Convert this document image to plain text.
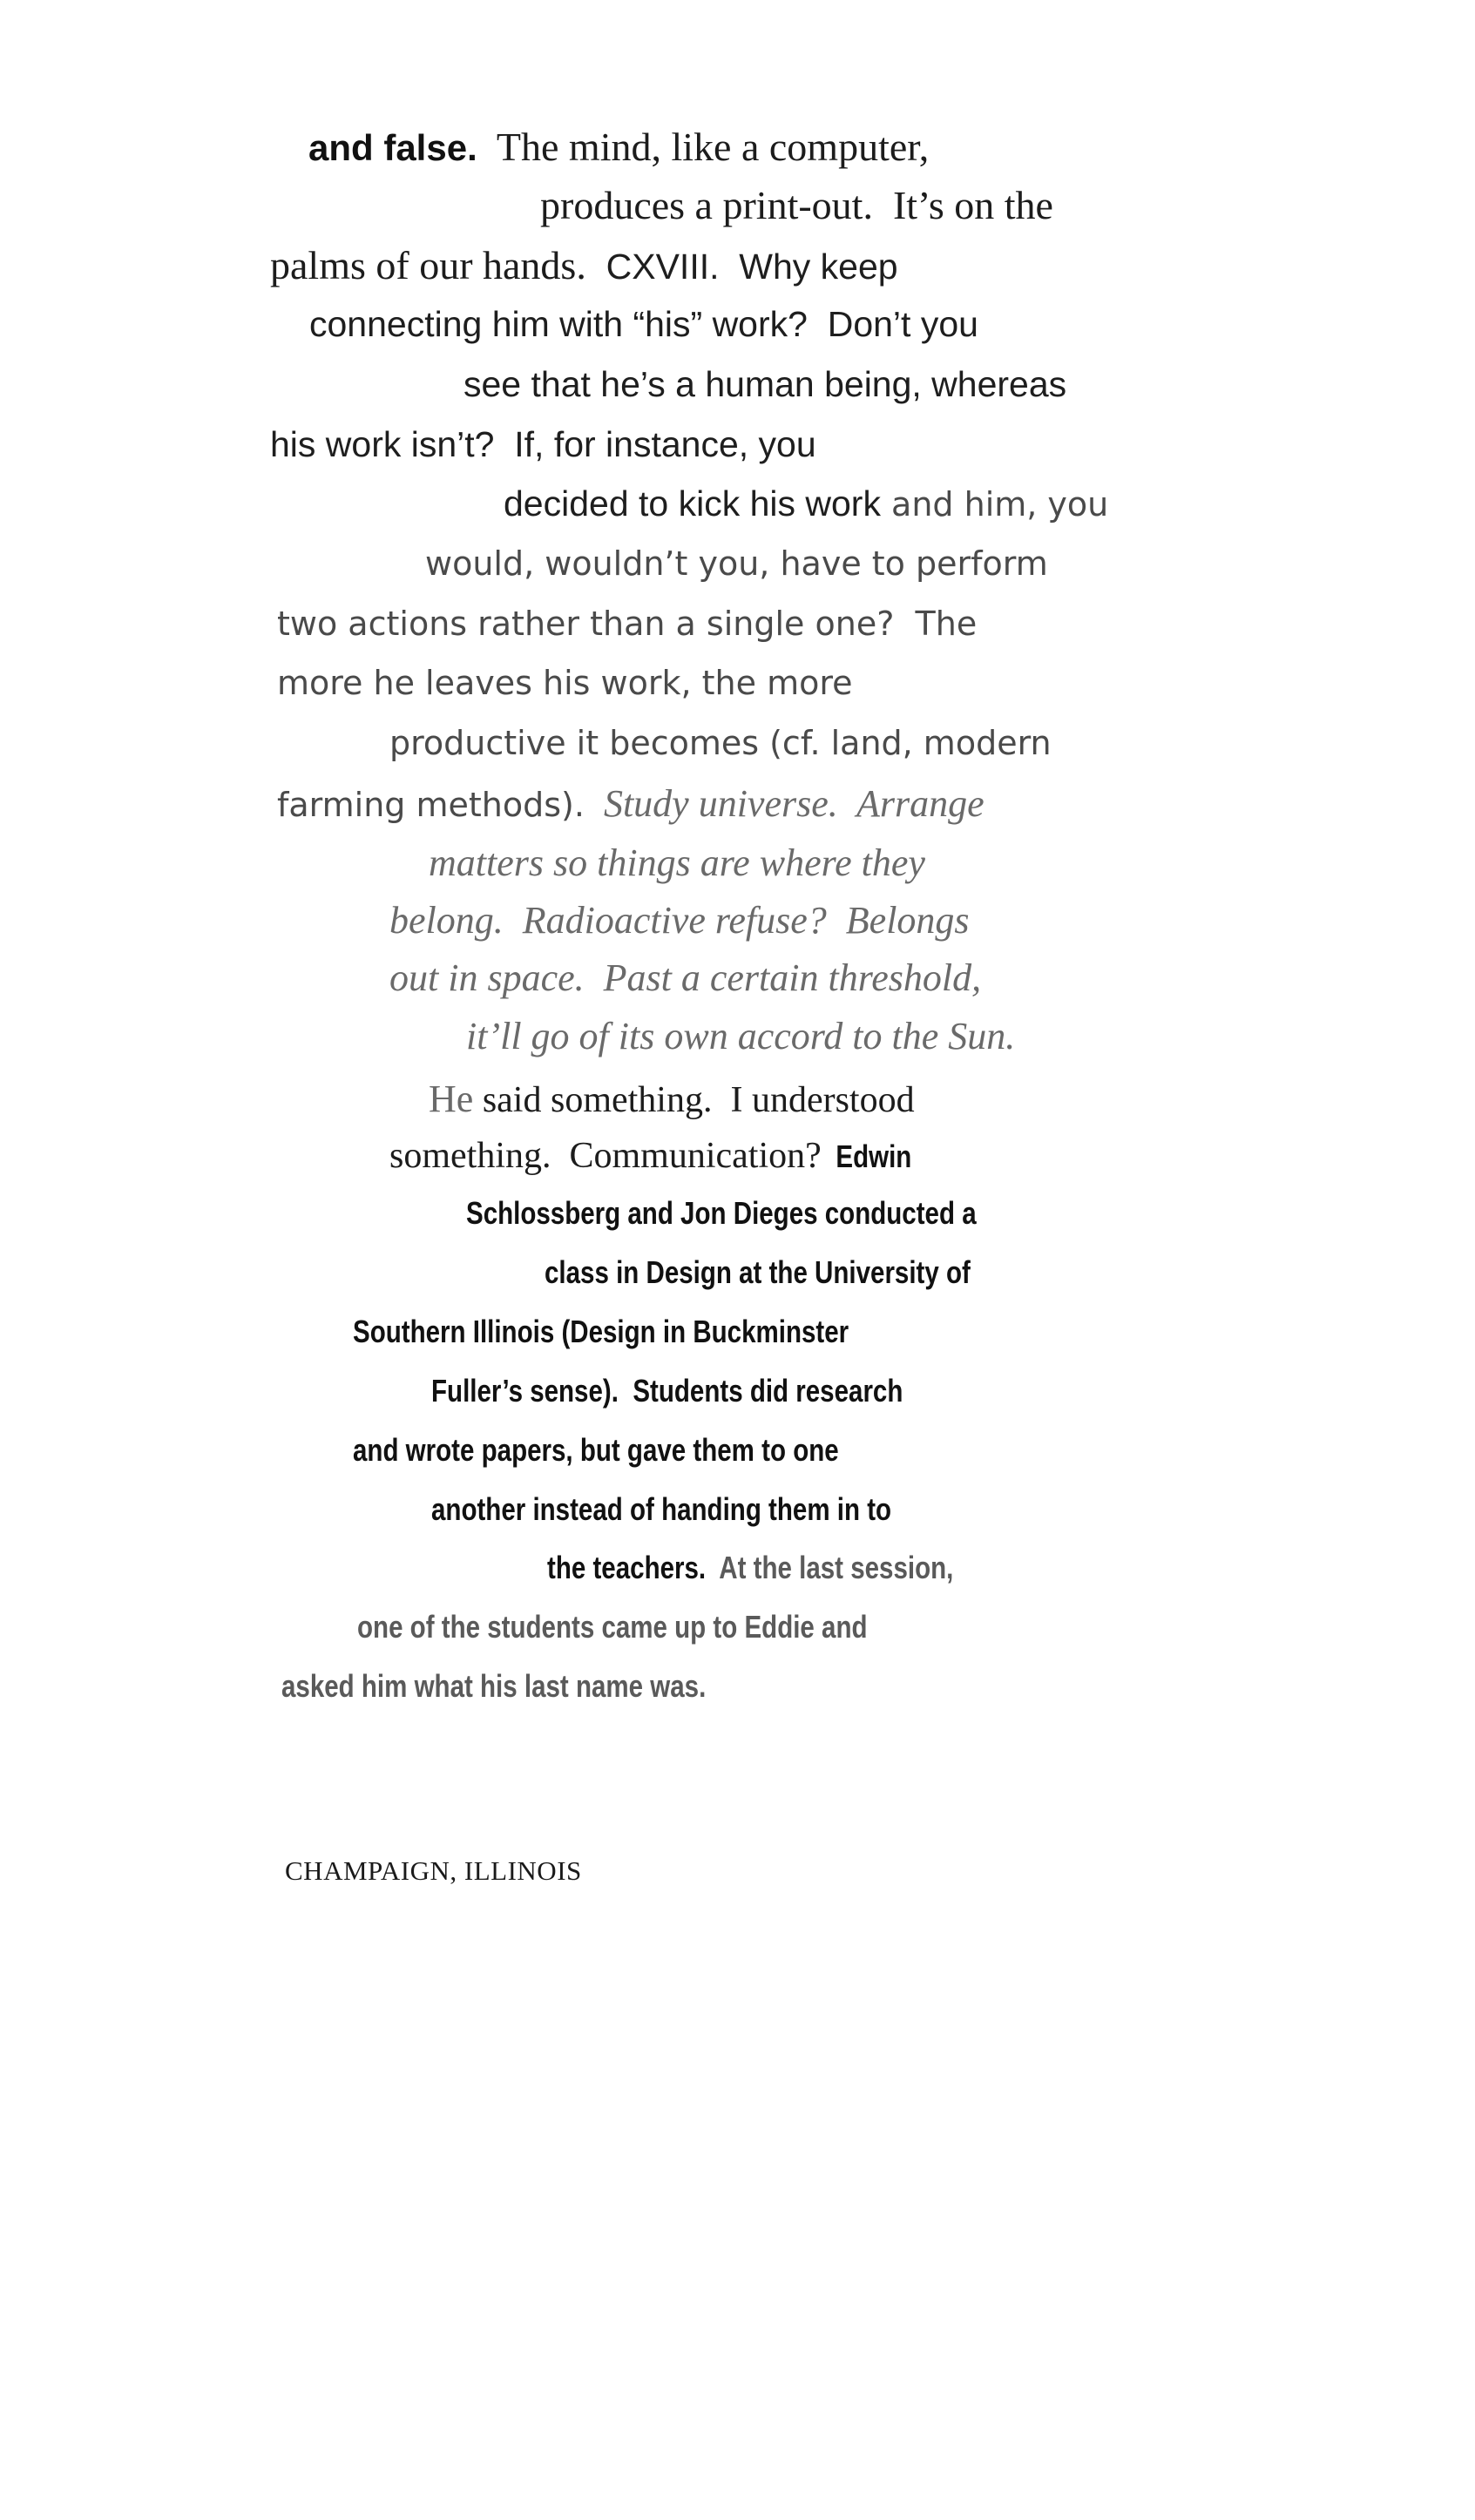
and false.  The mind, like a computer,
produces a print-out.  It’s on the
palms of our hands.  CXVIII.  Why keep
connecting him with “his” work?  Don’t you
see that he’s a human being, whereas
his work isn’t?  If, for instance, you
decided to kick his work and him, you
would, wouldn’t you, have to perform
two actions rather than a single one?  The
more he leaves his work, the more
productive it becomes (cf. land, modern
farming methods).  Study universe.  Arrange
matters so things are where they
belong.  Radioactive refuse?  Belongs
out in space.  Past a certain threshold,
it’ll go of its own accord to the Sun.
He said something.  I understood
something.  Communication?  Edwin
Schlossberg and Jon Dieges conducted a
class in Design at the University of
Southern Illinois (Design in Buckminster
Fuller’s sense).  Students did research
and wrote papers, but gave them to one
another instead of handing them in to
the teachers.  At the last session,
one of the students came up to Eddie and
asked him what his last name was.
CHAMPAIGN, ILLINOIS
